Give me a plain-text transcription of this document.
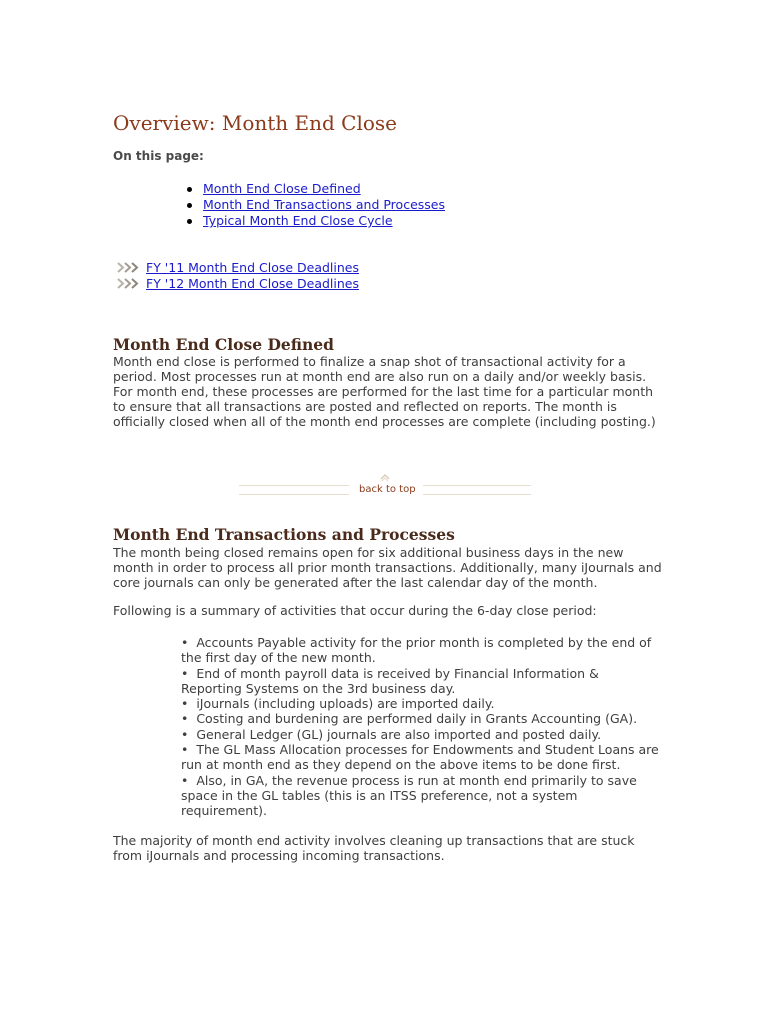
Overview: Month End Close
On this page:
Month End Close Defined
Month End Transactions and Processes
Typical Month End Close Cycle
FY '11 Month End Close Deadlines
FY '12 Month End Close Deadlines
Month End Close Defined

Month end close is performed to finalize a snap shot of transactional activity for a period. Most processes run at month end are also run on a daily and/or weekly basis. For month end, these processes are performed for the last time for a particular month to ensure that all transactions are posted and reflected on reports. The month is officially closed when all of the month end processes are complete (including posting.)

back to top
Month End Transactions and Processes

The month being closed remains open for six additional business days in the new month in order to process all prior month transactions. Additionally, many iJournals and core journals can only be generated after the last calendar day of the month.

Following is a summary of activities that occur during the 6-day close period:

•  Accounts Payable activity for the prior month is completed by the end of the first day of the new month.
•  End of month payroll data is received by Financial Information & Reporting Systems on the 3rd business day.
•  iJournals (including uploads) are imported daily.
•  Costing and burdening are performed daily in Grants Accounting (GA).
•  General Ledger (GL) journals are also imported and posted daily.
•  The GL Mass Allocation processes for Endowments and Student Loans are run at month end as they depend on the above items to be done first.
•  Also, in GA, the revenue process is run at month end primarily to save space in the GL tables (this is an ITSS preference, not a system requirement).

The majority of month end activity involves cleaning up transactions that are stuck from iJournals and processing incoming transactions.
